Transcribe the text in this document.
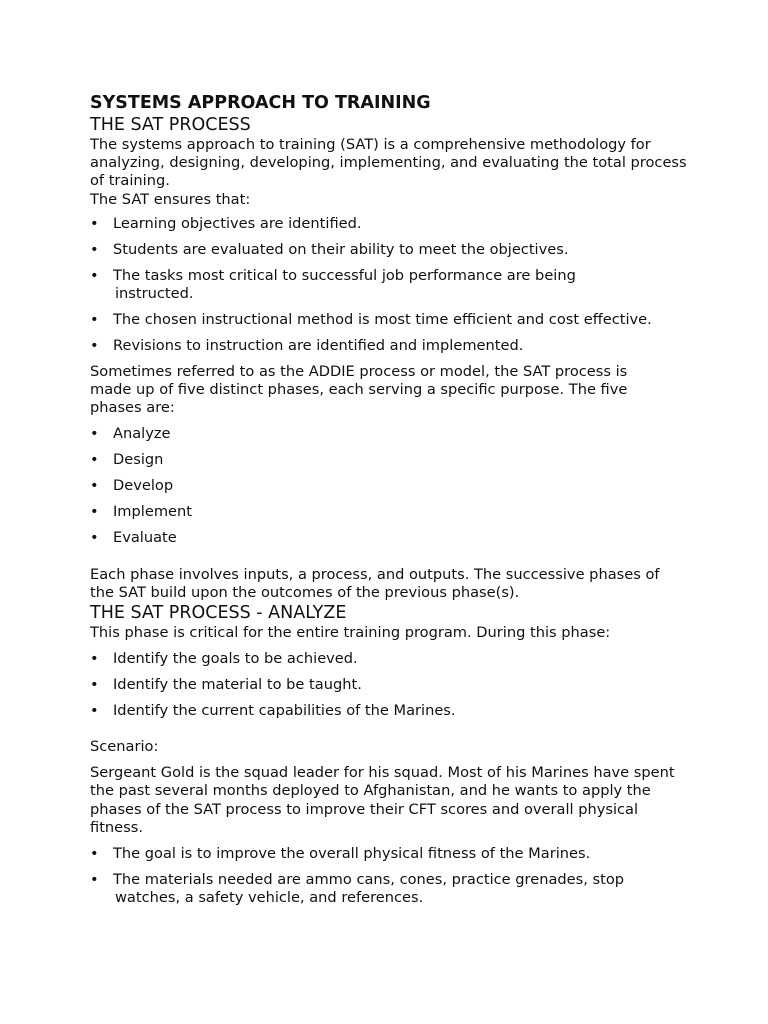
SYSTEMS APPROACH TO TRAINING
THE SAT PROCESS

The systems approach to training (SAT) is a comprehensive methodology for analyzing, designing, developing, implementing, and evaluating the total process of training.

The SAT ensures that:

• Learning objectives are identified.
• Students are evaluated on their ability to meet the objectives.
• The tasks most critical to successful job performance are being instructed.
• The chosen instructional method is most time efficient and cost effective.
• Revisions to instruction are identified and implemented.

Sometimes referred to as the ADDIE process or model, the SAT process is made up of five distinct phases, each serving a specific purpose. The five phases are:

• Analyze
• Design
• Develop
• Implement
• Evaluate

Each phase involves inputs, a process, and outputs. The successive phases of the SAT build upon the outcomes of the previous phase(s).

THE SAT PROCESS - ANALYZE

This phase is critical for the entire training program. During this phase:

• Identify the goals to be achieved.
• Identify the material to be taught.
• Identify the current capabilities of the Marines.

Scenario:

Sergeant Gold is the squad leader for his squad. Most of his Marines have spent the past several months deployed to Afghanistan, and he wants to apply the phases of the SAT process to improve their CFT scores and overall physical fitness.

• The goal is to improve the overall physical fitness of the Marines.
• The materials needed are ammo cans, cones, practice grenades, stop watches, a safety vehicle, and references.
